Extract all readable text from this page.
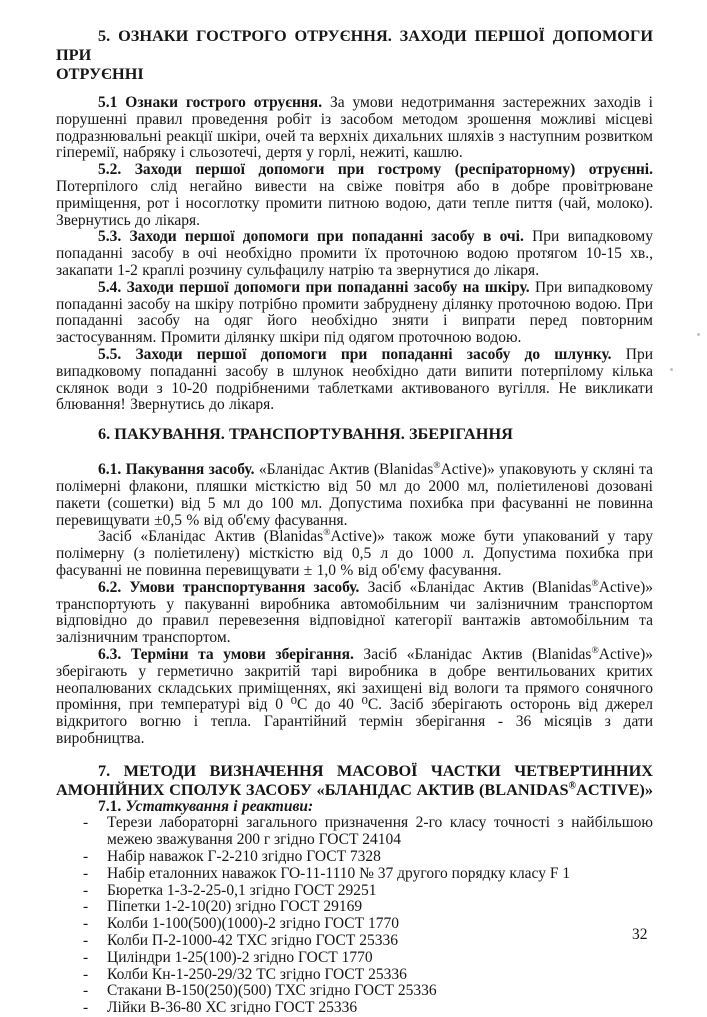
5. ОЗНАКИ ГОСТРОГО ОТРУЄННЯ. ЗАХОДИ ПЕРШОЇ ДОПОМОГИ ПРИ
ОТРУЄННІ

5.1 Ознаки гострого отруєння. За умови недотримання застережних заходів і порушенні правил проведення робіт із засобом методом зрошення можливі місцеві подразнювальні реакції шкіри, очей та верхніх дихальних шляхів з наступним розвитком гіперемії, набряку і сльозотечі, дертя у горлі, нежиті, кашлю.

5.2. Заходи першої допомоги при гострому (респіраторному) отруєнні. Потерпілого слід негайно вивести на свіже повітря або в добре провітрюване приміщення, рот і носоглотку промити питною водою, дати тепле пиття (чай, молоко). Звернутись до лікаря.

5.3. Заходи першої допомоги при попаданні засобу в очі. При випадковому попаданні засобу в очі необхідно промити їх проточною водою протягом 10-15 хв., закапати 1-2 краплі розчину сульфацилу натрію та звернутися до лікаря.

5.4. Заходи першої допомоги при попаданні засобу на шкіру. При випадковому попаданні засобу на шкіру потрібно промити забруднену ділянку проточною водою. При попаданні засобу на одяг його необхідно зняти і випрати перед повторним застосуванням. Промити ділянку шкіри під одягом проточною водою.

5.5. Заходи першої допомоги при попаданні засобу до шлунку. При випадковому попаданні засобу в шлунок необхідно дати випити потерпілому кілька склянок води з 10-20 подрібненими таблетками активованого вугілля. Не викликати блювання! Звернутись до лікаря.

6. ПАКУВАННЯ. ТРАНСПОРТУВАННЯ. ЗБЕРІГАННЯ

6.1. Пакування засобу. «Бланідас Актив (Blanidas®Active)» упаковують у скляні та полімерні флакони, пляшки місткістю від 50 мл до 2000 мл, поліетиленові дозовані пакети (сошетки) від 5 мл до 100 мл. Допустима похибка при фасуванні не повинна перевищувати ±0,5 % від об'єму фасування.

Засіб «Бланідас Актив (Blanidas®Active)» також може бути упакований у тару полімерну (з поліетилену) місткістю від 0,5 л до 1000 л. Допустима похибка при фасуванні не повинна перевищувати ± 1,0 % від об'єму фасування.

6.2. Умови транспортування засобу. Засіб «Бланідас Актив (Blanidas®Active)» транспортують у пакуванні виробника автомобільним чи залізничним транспортом відповідно до правил перевезення відповідної категорії вантажів автомобільним та залізничним транспортом.

6.3. Терміни та умови зберігання. Засіб «Бланідас Актив (Blanidas®Active)» зберігають у герметично закритій тарі виробника в добре вентильованих критих неопалюваних складських приміщеннях, які захищені від вологи та прямого сонячного проміння, при температурі від 0 ⁰С до 40 ⁰С. Засіб зберігають осторонь від джерел відкритого вогню і тепла. Гарантійний термін зберігання - 36 місяців з дати виробництва.

7. МЕТОДИ ВИЗНАЧЕННЯ МАСОВОЇ ЧАСТКИ ЧЕТВЕРТИННИХ
АМОНІЙНИХ СПОЛУК ЗАСОБУ «БЛАНІДАС АКТИВ (BLANIDAS®ACTIVE)»

7.1. Устаткування і реактиви:

-	Терези лабораторні загального призначення 2-го класу точності з найбільшою межею зважування 200 г згідно ГОСТ 24104
-	Набір наважок Г-2-210 згідно ГОСТ 7328
-	Набір еталонних наважок ГО-11-1110 № 37 другого порядку класу F 1
-	Бюретка 1-3-2-25-0,1 згідно ГОСТ 29251
-	Піпетки 1-2-10(20) згідно ГОСТ 29169
-	Колби 1-100(500)(1000)-2 згідно ГОСТ 1770
-	Колби П-2-1000-42 ТХС згідно ГОСТ 25336
-	Циліндри 1-25(100)-2 згідно ГОСТ 1770
-	Колби Кн-1-250-29/32 ТС згідно ГОСТ 25336
-	Стакани В-150(250)(500) ТХС згідно ГОСТ 25336
-	Лійки В-36-80 ХС згідно ГОСТ 25336
32
